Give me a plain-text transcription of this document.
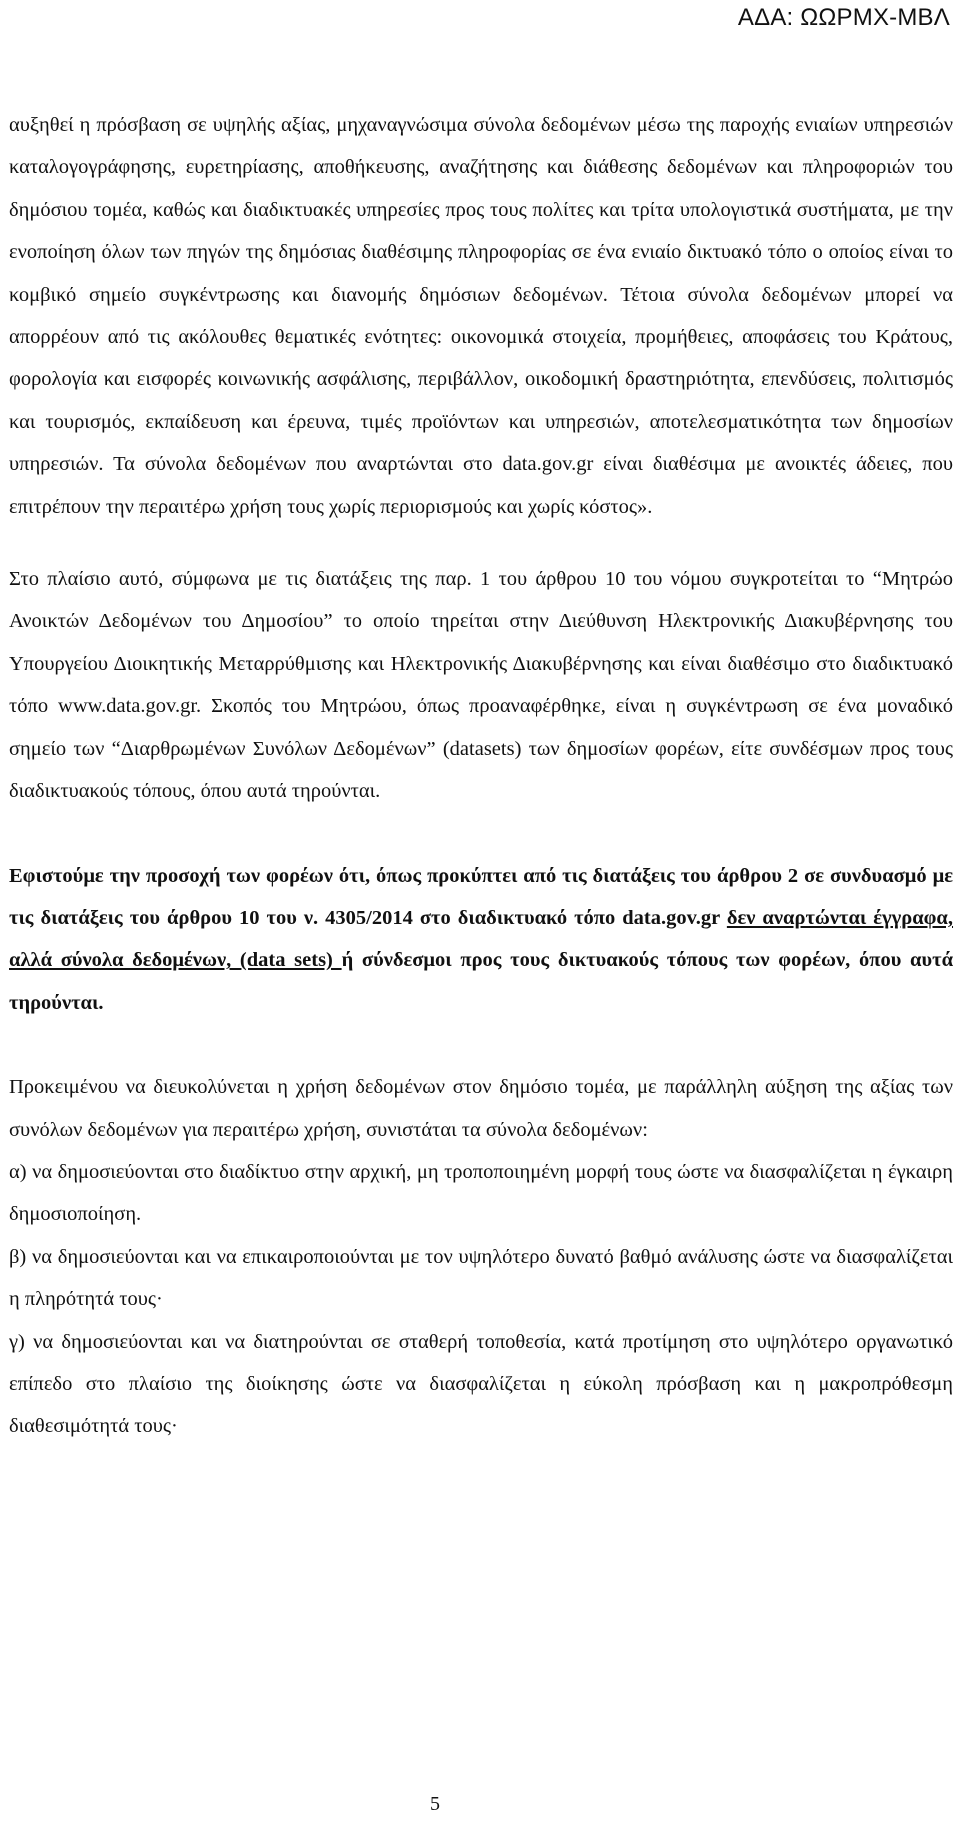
ΑΔΑ: ΩΩΡΜΧ-ΜΒΛ

αυξηθεί η πρόσβαση σε υψηλής αξίας, μηχαναγνώσιμα σύνολα δεδομένων μέσω της παροχής ενιαίων υπηρεσιών καταλογογράφησης, ευρετηρίασης, αποθήκευσης, αναζήτησης και διάθεσης δεδομένων και πληροφοριών του δημόσιου τομέα, καθώς και διαδικτυακές υπηρεσίες προς τους πολίτες και τρίτα υπολογιστικά συστήματα, με την ενοποίηση όλων των πηγών της δημόσιας διαθέσιμης πληροφορίας σε ένα ενιαίο δικτυακό τόπο ο οποίος είναι το κομβικό σημείο συγκέντρωσης και διανομής δημόσιων δεδομένων. Τέτοια σύνολα δεδομένων μπορεί να απορρέουν από τις ακόλουθες θεματικές ενότητες: οικονομικά στοιχεία, προμήθειες, αποφάσεις του Κράτους, φορολογία και εισφορές κοινωνικής ασφάλισης, περιβάλλον, οικοδομική δραστηριότητα, επενδύσεις, πολιτισμός και τουρισμός, εκπαίδευση και έρευνα, τιμές προϊόντων και υπηρεσιών, αποτελεσματικότητα των δημοσίων υπηρεσιών. Τα σύνολα δεδομένων που αναρτώνται στο data.gov.gr είναι διαθέσιμα με ανοικτές άδειες, που επιτρέπουν την περαιτέρω χρήση τους χωρίς περιορισμούς και χωρίς κόστος».

Στο πλαίσιο αυτό, σύμφωνα με τις διατάξεις της παρ. 1 του άρθρου 10 του νόμου συγκροτείται το “Μητρώο Ανοικτών Δεδομένων του Δημοσίου” το οποίο τηρείται στην Διεύθυνση Ηλεκτρονικής Διακυβέρνησης του Υπουργείου Διοικητικής Μεταρρύθμισης και Ηλεκτρονικής Διακυβέρνησης και είναι διαθέσιμο στο διαδικτυακό τόπο www.data.gov.gr. Σκοπός του Μητρώου, όπως προαναφέρθηκε, είναι η συγκέντρωση σε ένα μοναδικό σημείο των “Διαρθρωμένων Συνόλων Δεδομένων” (datasets) των δημοσίων φορέων, είτε συνδέσμων προς τους διαδικτυακούς τόπους, όπου αυτά τηρούνται.

Εφιστούμε την προσοχή των φορέων ότι, όπως προκύπτει από τις διατάξεις του άρθρου 2 σε συνδυασμό με τις διατάξεις του άρθρου 10 του ν. 4305/2014 στο διαδικτυακό τόπο data.gov.gr δεν αναρτώνται έγγραφα, αλλά σύνολα δεδομένων, (data sets) ή σύνδεσμοι προς τους δικτυακούς τόπους των φορέων, όπου αυτά τηρούνται.

Προκειμένου να διευκολύνεται η χρήση δεδομένων στον δημόσιο τομέα, με παράλληλη αύξηση της αξίας των συνόλων δεδομένων για περαιτέρω χρήση, συνιστάται τα σύνολα δεδομένων:

α) να δημοσιεύονται στο διαδίκτυο στην αρχική, μη τροποποιημένη μορφή τους ώστε να διασφαλίζεται η έγκαιρη δημοσιοποίηση.

β) να δημοσιεύονται και να επικαιροποιούνται με τον υψηλότερο δυνατό βαθμό ανάλυσης ώστε να διασφαλίζεται η πληρότητά τους·

γ) να δημοσιεύονται και να διατηρούνται σε σταθερή τοποθεσία, κατά προτίμηση στο υψηλότερο οργανωτικό επίπεδο στο πλαίσιο της διοίκησης ώστε να διασφαλίζεται η εύκολη πρόσβαση και η μακροπρόθεσμη διαθεσιμότητά τους·

5
